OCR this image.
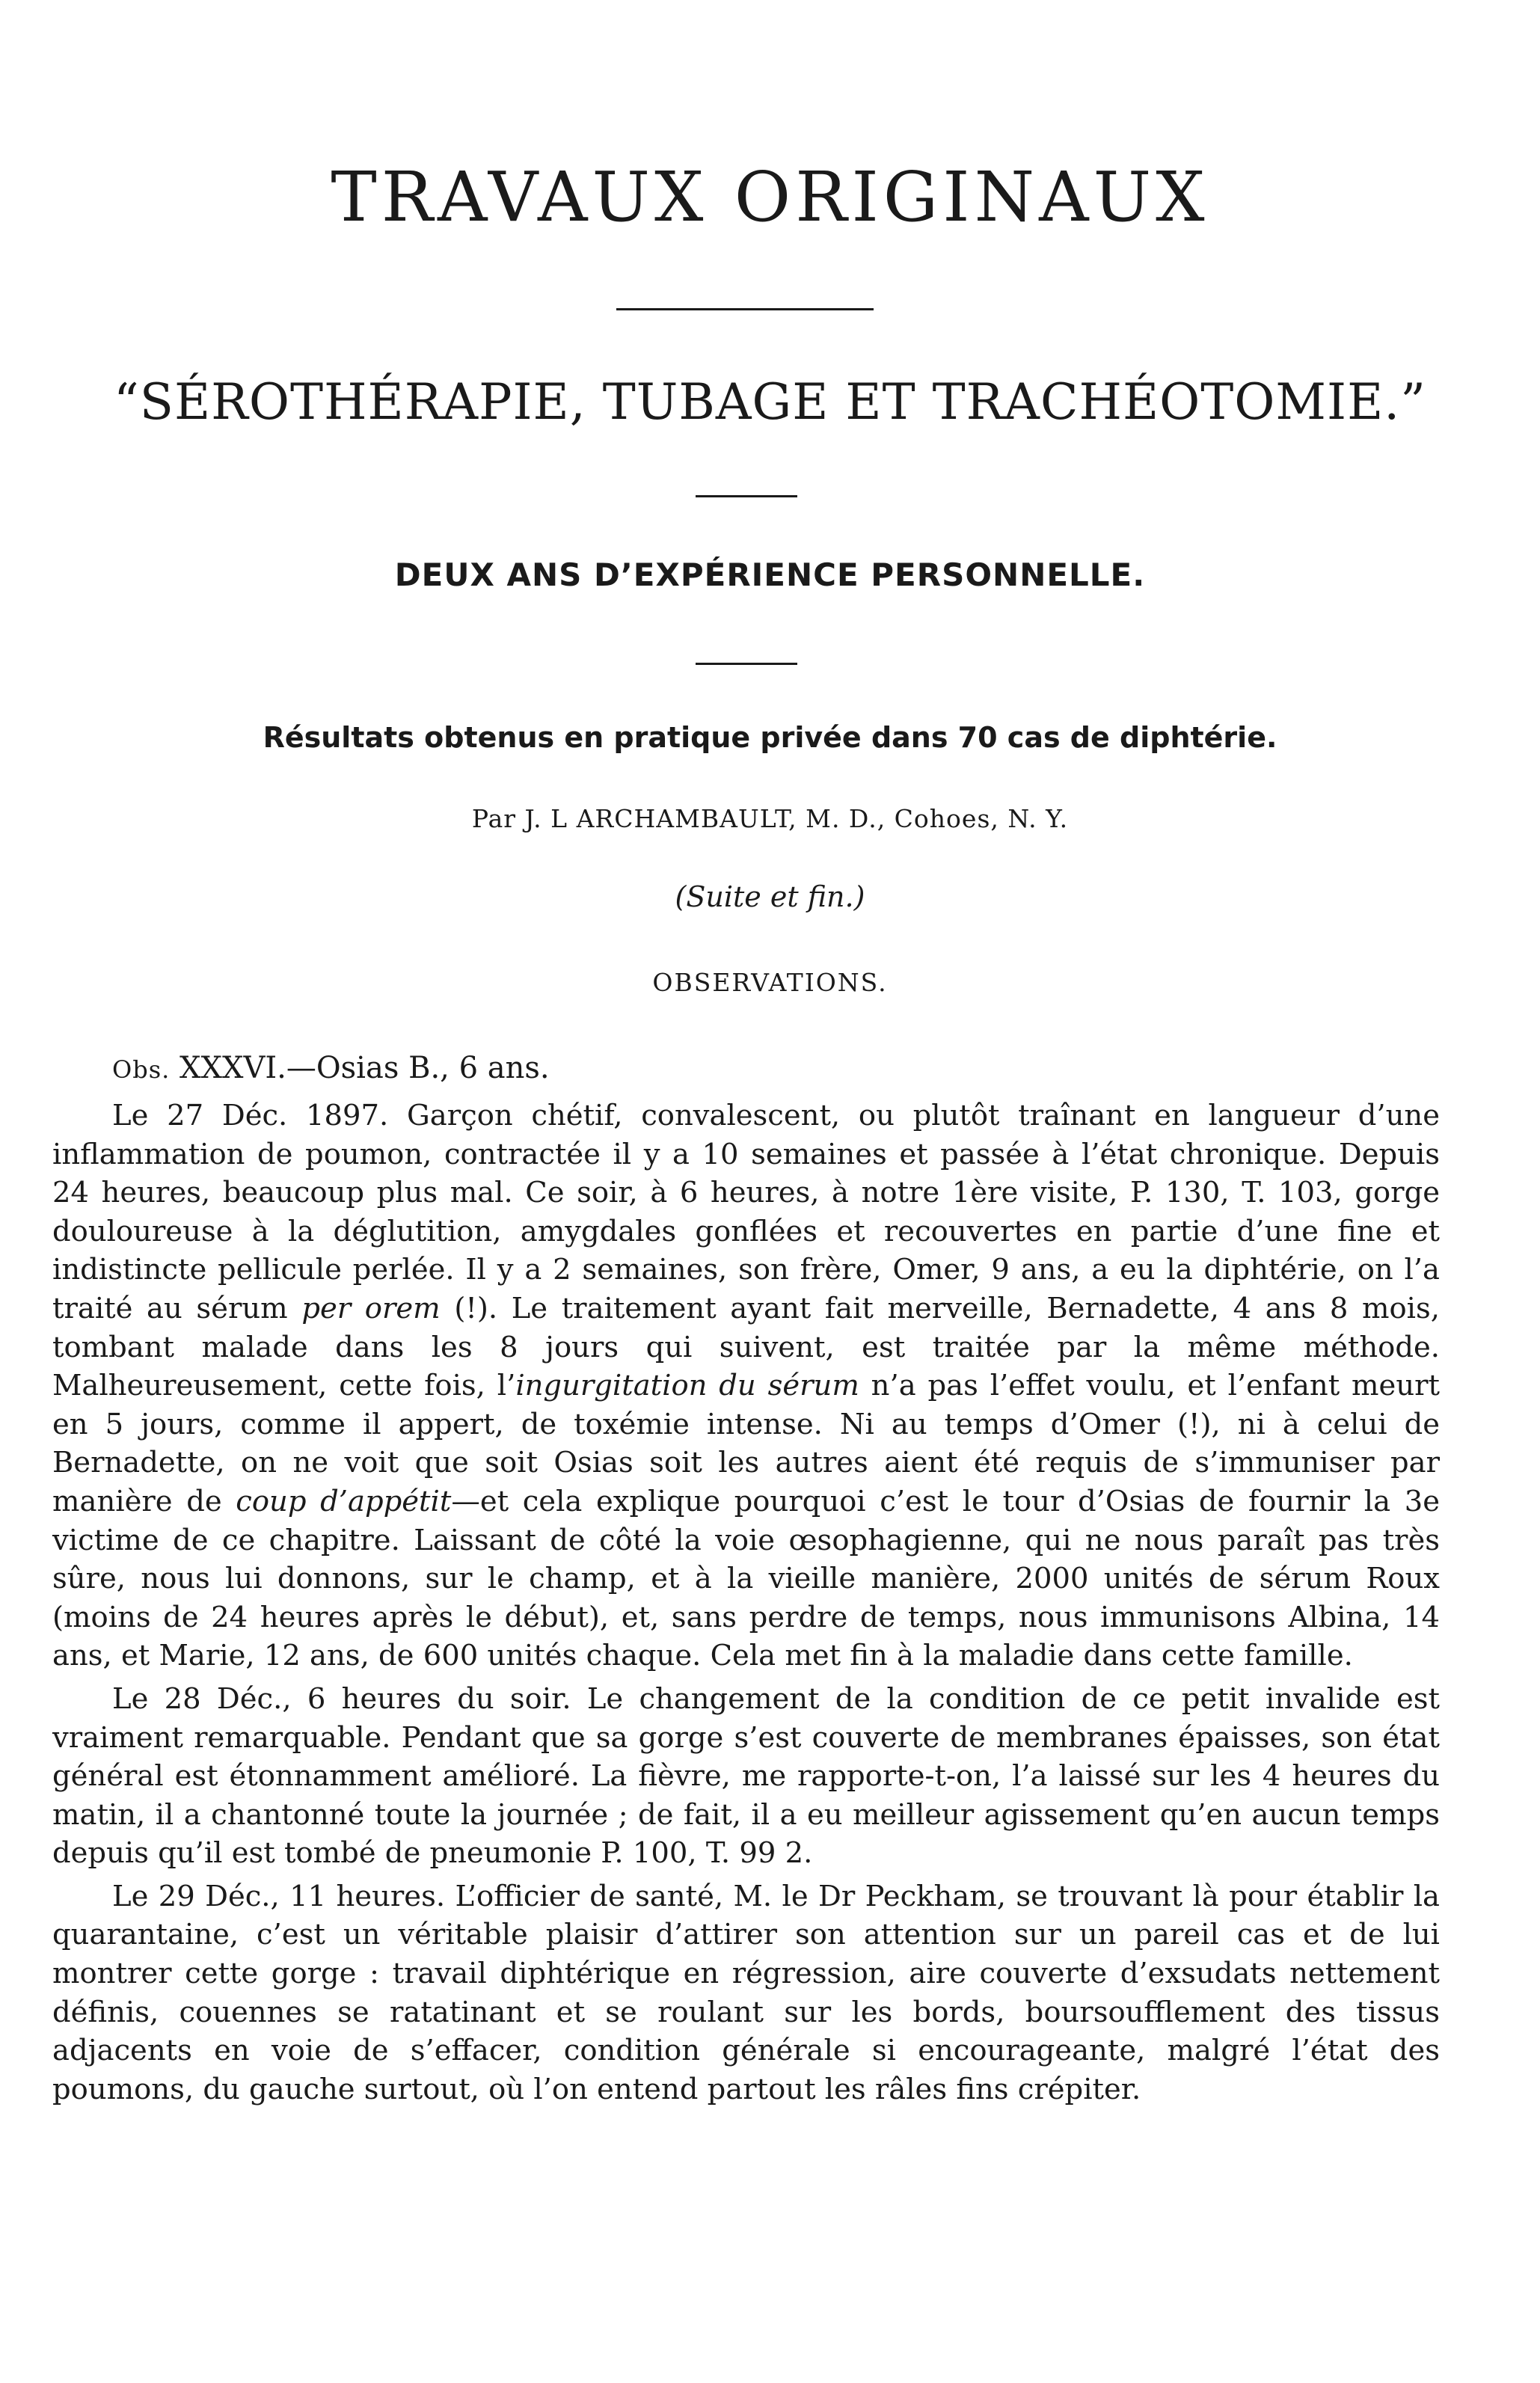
TRAVAUX ORIGINAUX
“SÉROTHÉRAPIE, TUBAGE ET TRACHÉOTOMIE.”
DEUX ANS D’EXPÉRIENCE PERSONNELLE.
Résultats obtenus en pratique privée dans 70 cas de diphtérie.
Par J. L ARCHAMBAULT, M. D., Cohoes, N. Y.
(Suite et fin.)
OBSERVATIONS.
Obs. XXXVI.—Osias B., 6 ans.

Le 27 Déc. 1897. Garçon chétif, convalescent, ou plutôt traînant en langueur d’une inflammation de poumon, contractée il y a 10 semaines et passée à l’état chronique. Depuis 24 heures, beaucoup plus mal. Ce soir, à 6 heures, à notre 1ère visite, P. 130, T. 103, gorge douloureuse à la déglutition, amygdales gonflées et recouvertes en partie d’une fine et indistincte pellicule perlée. Il y a 2 semaines, son frère, Omer, 9 ans, a eu la diphtérie, on l’a traité au sérum per orem (!). Le traitement ayant fait merveille, Bernadette, 4 ans 8 mois, tombant malade dans les 8 jours qui suivent, est traitée par la même méthode. Malheureusement, cette fois, l’ingurgitation du sérum n’a pas l’effet voulu, et l’enfant meurt en 5 jours, comme il appert, de toxémie intense. Ni au temps d’Omer (!), ni à celui de Bernadette, on ne voit que soit Osias soit les autres aient été requis de s’immuniser par manière de coup d’appétit—et cela explique pourquoi c’est le tour d’Osias de fournir la 3e victime de ce chapitre. Laissant de côté la voie œsophagienne, qui ne nous paraît pas très sûre, nous lui donnons, sur le champ, et à la vieille manière, 2000 unités de sérum Roux (moins de 24 heures après le début), et, sans perdre de temps, nous immunisons Albina, 14 ans, et Marie, 12 ans, de 600 unités chaque. Cela met fin à la maladie dans cette famille.

Le 28 Déc., 6 heures du soir. Le changement de la condition de ce petit invalide est vraiment remarquable. Pendant que sa gorge s’est couverte de membranes épaisses, son état général est étonnamment amélioré. La fièvre, me rapporte-t-on, l’a laissé sur les 4 heures du matin, il a chantonné toute la journée ; de fait, il a eu meilleur agissement qu’en aucun temps depuis qu’il est tombé de pneumonie P. 100, T. 99 2.

Le 29 Déc., 11 heures. L’officier de santé, M. le Dr Peckham, se trouvant là pour établir la quarantaine, c’est un véritable plaisir d’attirer son attention sur un pareil cas et de lui montrer cette gorge : travail diphtérique en régression, aire couverte d’exsudats nettement définis, couennes se ratatinant et se roulant sur les bords, boursoufflement des tissus adjacents en voie de s’effacer, condition générale si encourageante, malgré l’état des poumons, du gauche surtout, où l’on entend partout les râles fins crépiter.
